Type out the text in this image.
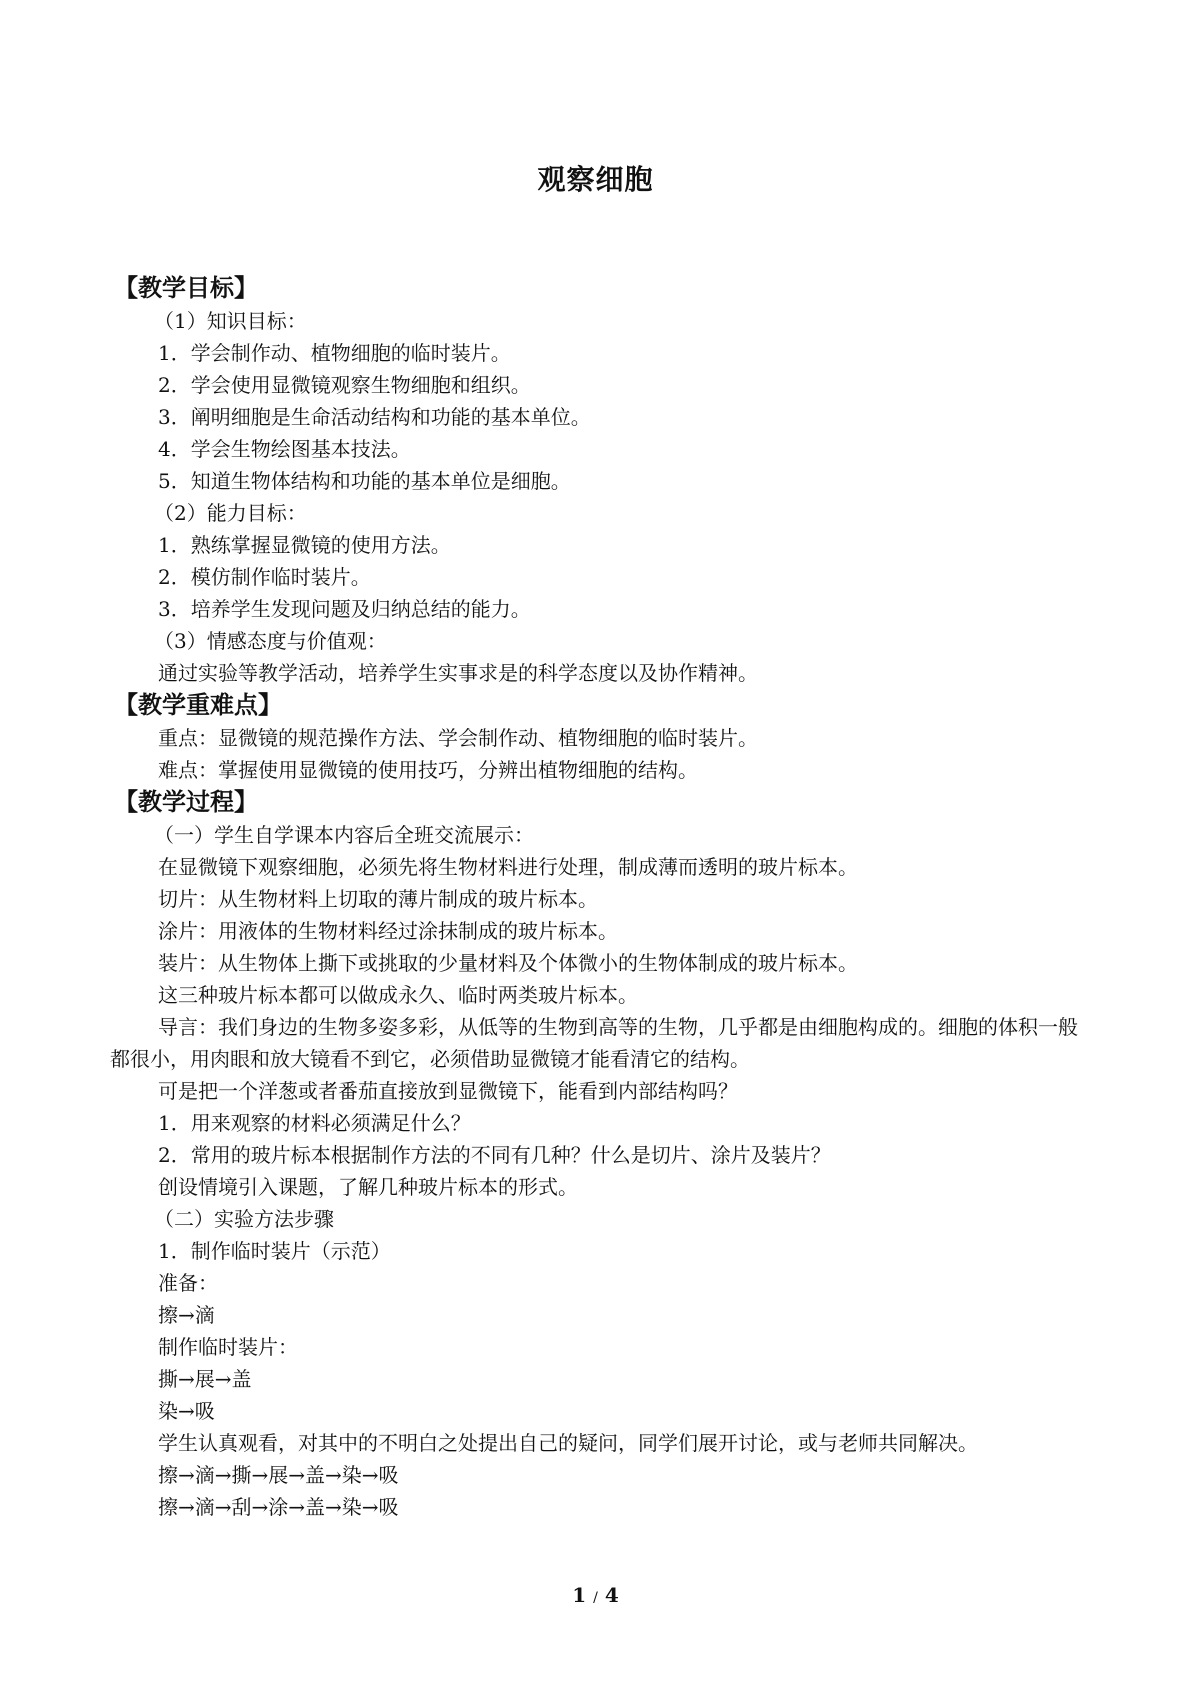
观察细胞
【教学目标】
（1）知识目标：
1．学会制作动、植物细胞的临时装片。
2．学会使用显微镜观察生物细胞和组织。
3．阐明细胞是生命活动结构和功能的基本单位。
4．学会生物绘图基本技法。
5．知道生物体结构和功能的基本单位是细胞。
（2）能力目标：
1．熟练掌握显微镜的使用方法。
2．模仿制作临时装片。
3．培养学生发现问题及归纳总结的能力。
（3）情感态度与价值观：
通过实验等教学活动，培养学生实事求是的科学态度以及协作精神。
【教学重难点】
重点：显微镜的规范操作方法、学会制作动、植物细胞的临时装片。
难点：掌握使用显微镜的使用技巧，分辨出植物细胞的结构。
【教学过程】
（一）学生自学课本内容后全班交流展示：
在显微镜下观察细胞，必须先将生物材料进行处理，制成薄而透明的玻片标本。
切片：从生物材料上切取的薄片制成的玻片标本。
涂片：用液体的生物材料经过涂抹制成的玻片标本。
装片：从生物体上撕下或挑取的少量材料及个体微小的生物体制成的玻片标本。
这三种玻片标本都可以做成永久、临时两类玻片标本。
导言：我们身边的生物多姿多彩，从低等的生物到高等的生物，几乎都是由细胞构成的。细胞的体积一般都很小，用肉眼和放大镜看不到它，必须借助显微镜才能看清它的结构。
可是把一个洋葱或者番茄直接放到显微镜下，能看到内部结构吗？
1．用来观察的材料必须满足什么？
2．常用的玻片标本根据制作方法的不同有几种？什么是切片、涂片及装片？
创设情境引入课题，了解几种玻片标本的形式。
（二）实验方法步骤
1．制作临时装片（示范）
准备：
擦→滴
制作临时装片：
撕→展→盖
染→吸
学生认真观看，对其中的不明白之处提出自己的疑问，同学们展开讨论，或与老师共同解决。
擦→滴→撕→展→盖→染→吸
擦→滴→刮→涂→盖→染→吸
1 / 4
